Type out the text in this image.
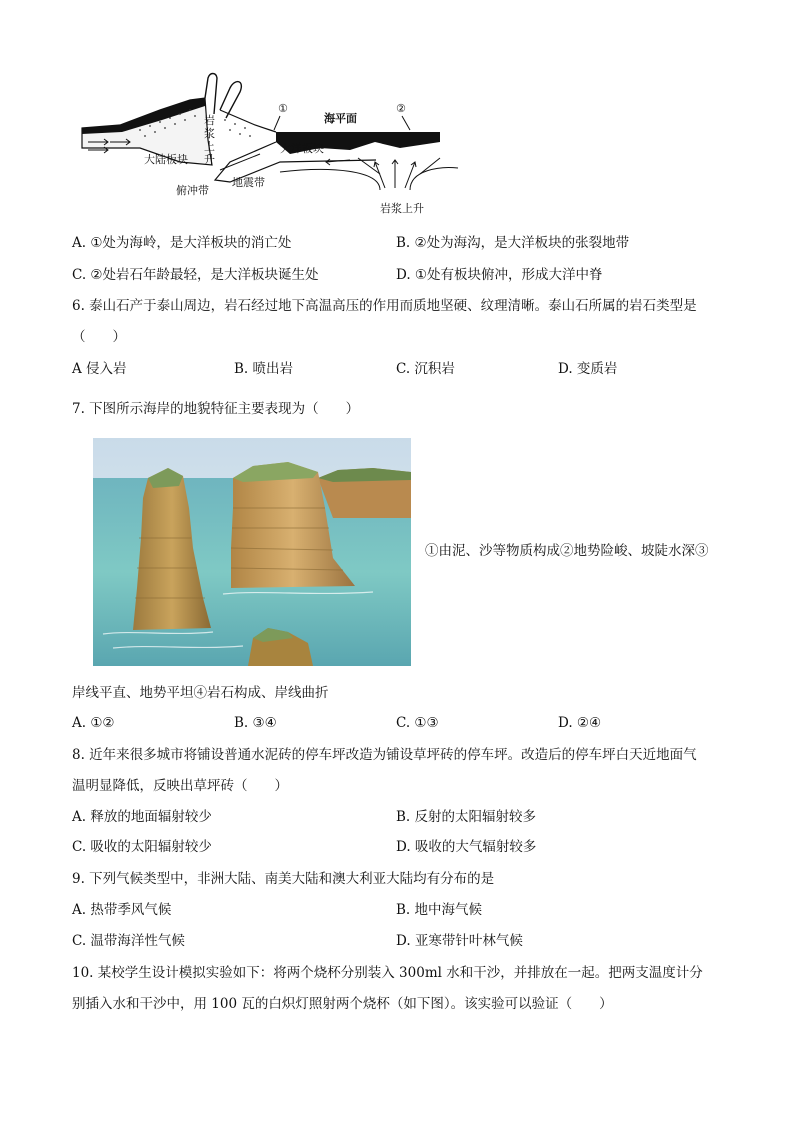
①	②
海平面
大陆板块
大洋板块
岩
浆
上
升
俯冲带
地震带
岩浆上升
A. ①处为海岭，是大洋板块的消亡处	B. ②处为海沟，是大洋板块的张裂地带
C. ②处岩石年龄最轻，是大洋板块诞生处	D. ①处有板块俯冲，形成大洋中脊
6. 泰山石产于泰山周边，岩石经过地下高温高压的作用而质地坚硬、纹理清晰。泰山石所属的岩石类型是
（　　）
A 侵入岩	B. 喷出岩	C. 沉积岩	D. 变质岩
7. 下图所示海岸的地貌特征主要表现为（　　）
①由泥、沙等物质构成②地势险峻、坡陡水深③
岸线平直、地势平坦④岩石构成、岸线曲折
A. ①②	B. ③④	C. ①③	D. ②④
8. 近年来很多城市将铺设普通水泥砖的停车坪改造为铺设草坪砖的停车坪。改造后的停车坪白天近地面气
温明显降低，反映出草坪砖（　　）
A. 释放的地面辐射较少	B. 反射的太阳辐射较多
C. 吸收的太阳辐射较少	D. 吸收的大气辐射较多
9. 下列气候类型中，非洲大陆、南美大陆和澳大利亚大陆均有分布的是
A. 热带季风气候	B. 地中海气候
C. 温带海洋性气候	D. 亚寒带针叶林气候
10. 某校学生设计模拟实验如下：将两个烧杯分别装入 300ml 水和干沙，并排放在一起。把两支温度计分
别插入水和干沙中，用 100 瓦的白炽灯照射两个烧杯（如下图）。该实验可以验证（　　）
